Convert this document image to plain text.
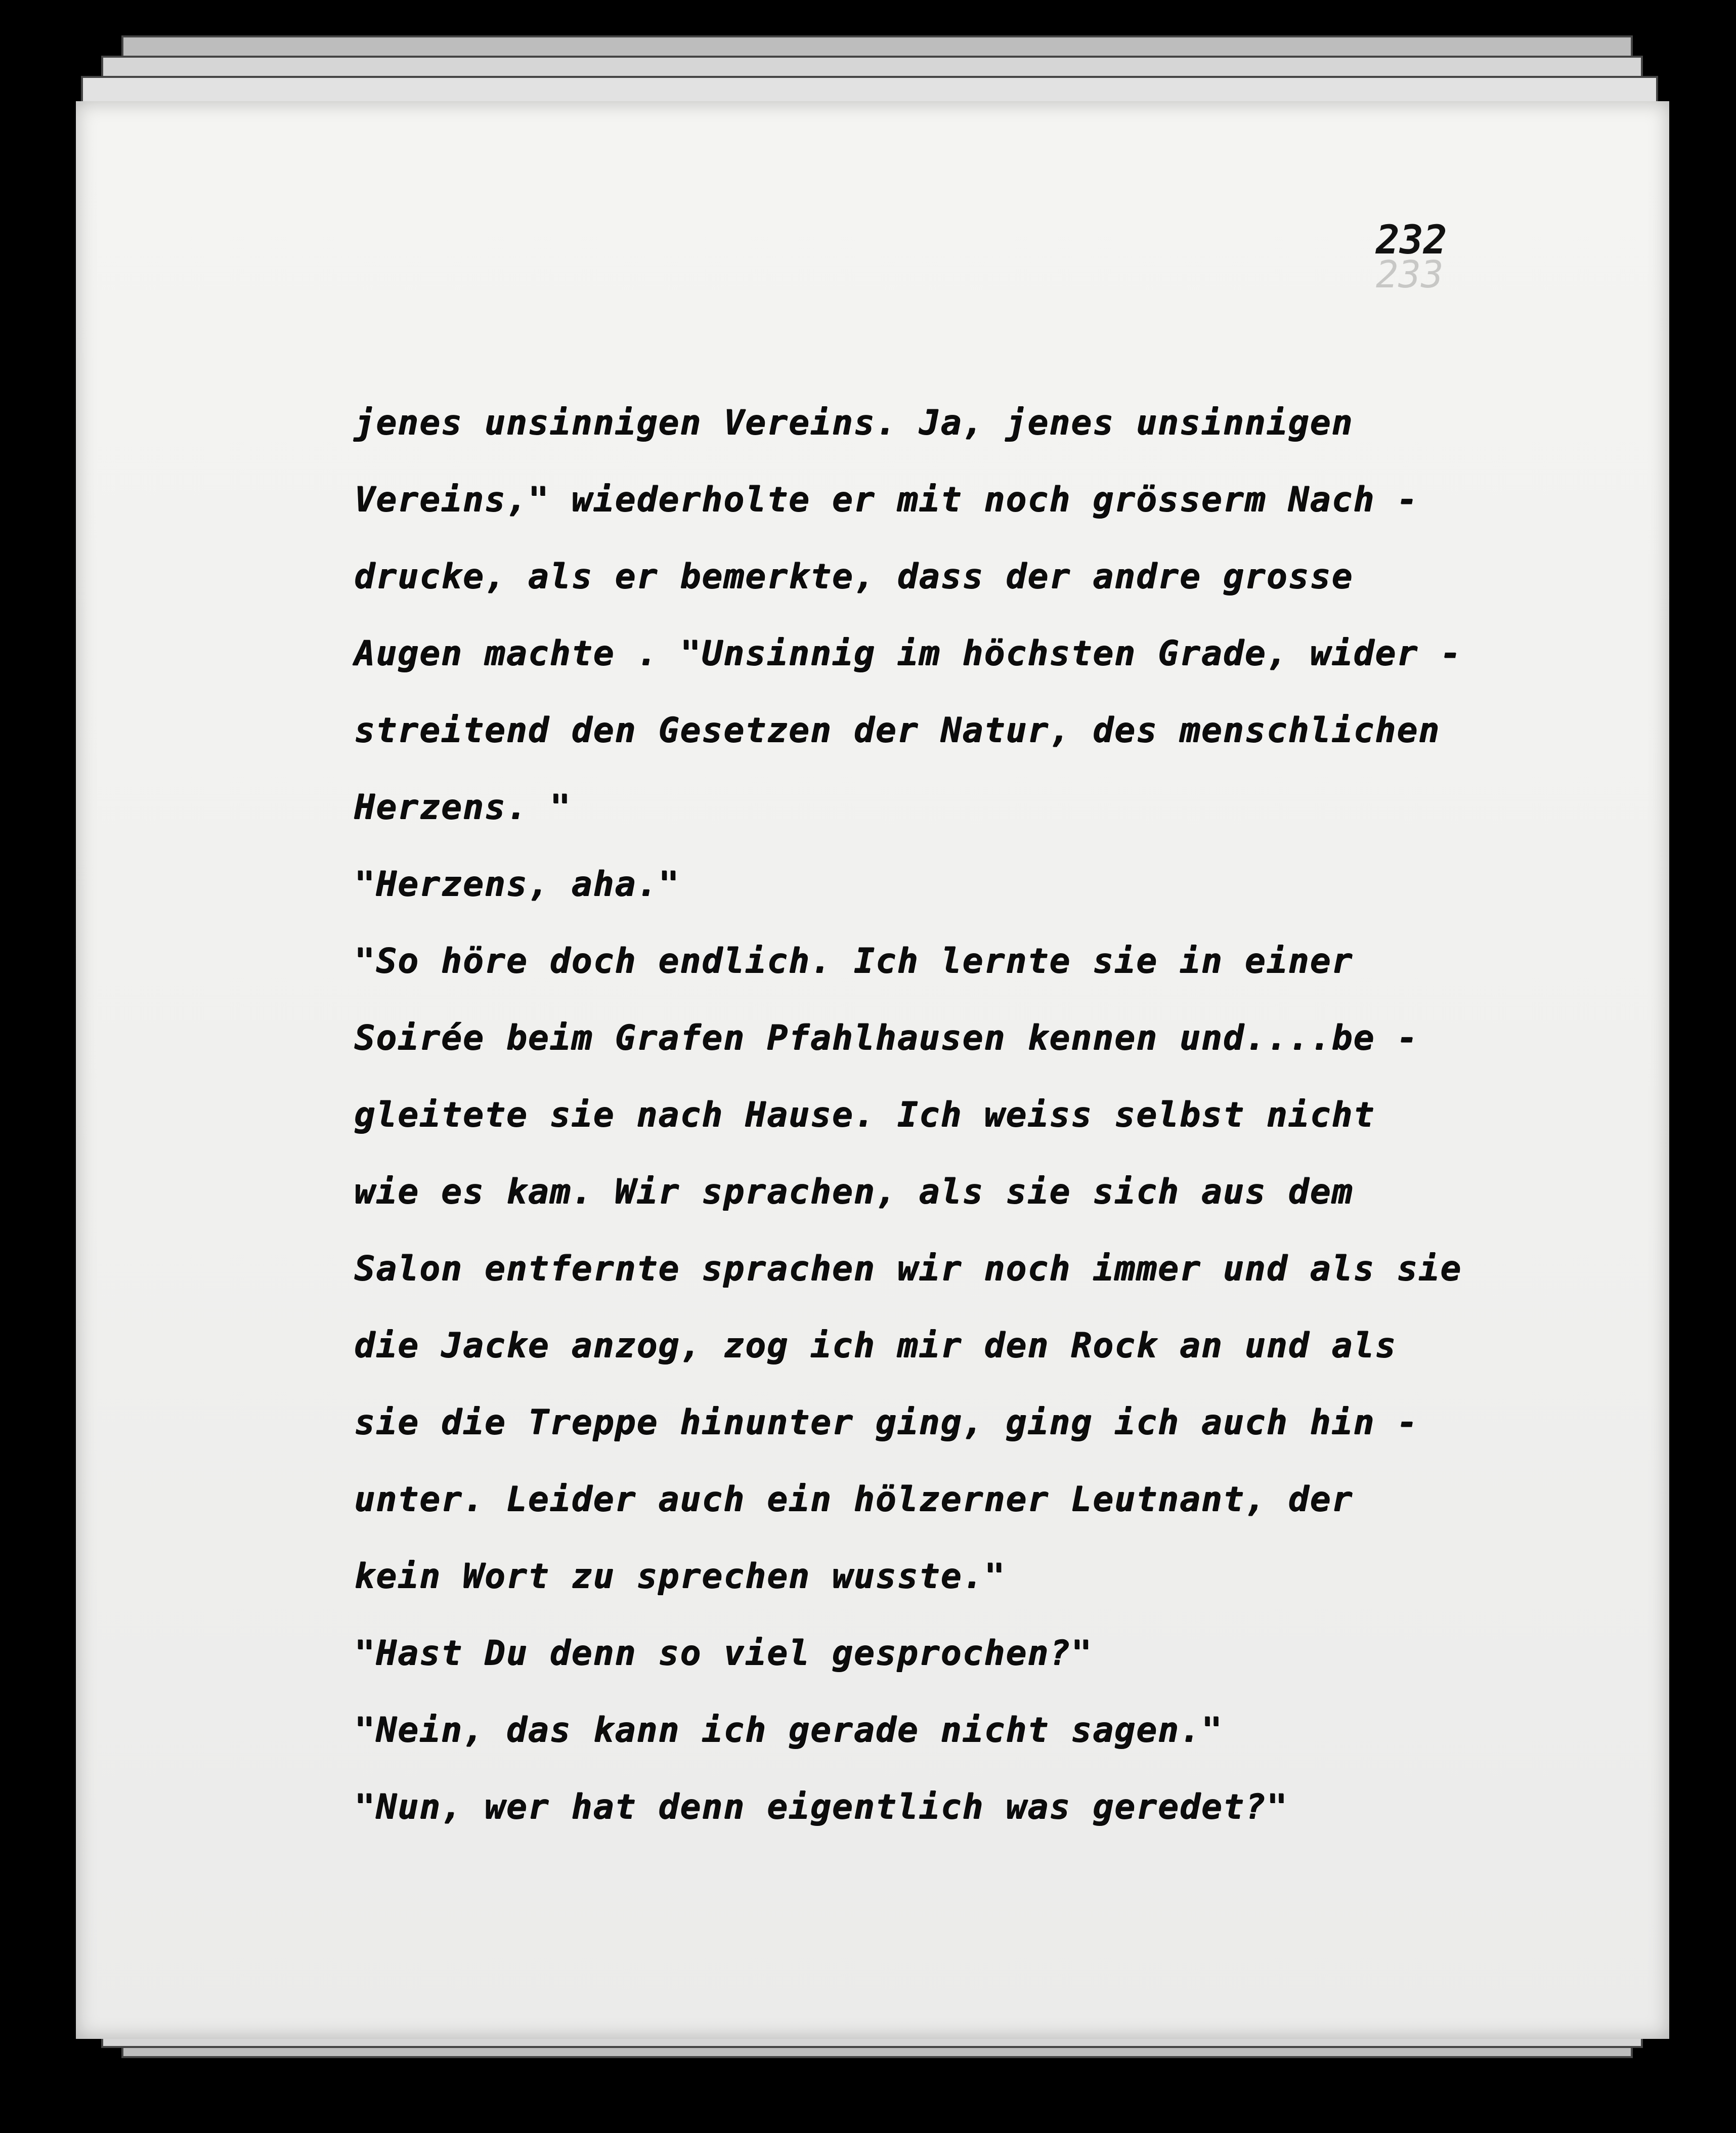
233
232
jenes unsinnigen Vereins. Ja, jenes unsinnigen
Vereins," wiederholte er mit noch grösserm Nach -
drucke, als er bemerkte, dass der andre grosse
Augen machte . "Unsinnig im höchsten Grade, wider -
streitend den Gesetzen der Natur, des menschlichen
Herzens. "
"Herzens, aha."
"So höre doch endlich. Ich lernte sie in einer
Soirée beim Grafen Pfahlhausen kennen und....be -
gleitete sie nach Hause. Ich weiss selbst nicht
wie es kam. Wir sprachen, als sie sich aus dem
Salon entfernte sprachen wir noch immer und als sie
die Jacke anzog, zog ich mir den Rock an und als
sie die Treppe hinunter ging, ging ich auch hin -
unter. Leider auch ein hölzerner Leutnant, der
kein Wort zu sprechen wusste."
"Hast Du denn so viel gesprochen?"
"Nein, das kann ich gerade nicht sagen."
"Nun, wer hat denn eigentlich was geredet?"
